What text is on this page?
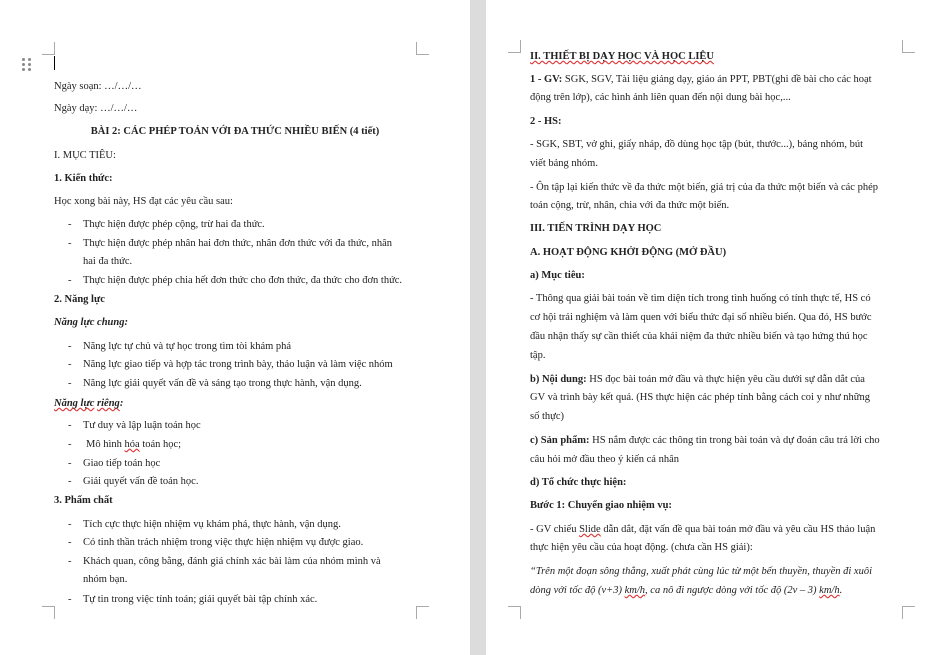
Ngày soạn: …/…/…
Ngày dạy: …/…/…
BÀI 2: CÁC PHÉP TOÁN VỚI ĐA THỨC NHIỀU BIẾN (4 tiết)
I. MỤC TIÊU:
1. Kiến thức:
Học xong bài này, HS đạt các yêu cầu sau:
- Thực hiện được phép cộng, trừ hai đa thức.
- Thực hiện được phép nhân hai đơn thức, nhân đơn thức với đa thức, nhân
hai đa thức.
- Thực hiện được phép chia hết đơn thức cho đơn thức, đa thức cho đơn thức.
2. Năng lực
Năng lực chung:
- Năng lực tự chủ và tự học trong tìm tòi khám phá
- Năng lực giao tiếp và hợp tác trong trình bày, thảo luận và làm việc nhóm
- Năng lực giải quyết vấn đề và sáng tạo trong thực hành, vận dụng.
Năng lực riêng:
- Tư duy và lập luận toán học
- Mô hình hóa toán học;
- Giao tiếp toán học
- Giải quyết vấn đề toán học.
3. Phẩm chất
- Tích cực thực hiện nhiệm vụ khám phá, thực hành, vận dụng.
- Có tinh thần trách nhiệm trong việc thực hiện nhiệm vụ được giao.
- Khách quan, công bằng, đánh giá chính xác bài làm của nhóm mình và
nhóm bạn.
- Tự tin trong việc tính toán; giải quyết bài tập chính xác.
II. THIẾT BỊ DẠY HỌC VÀ HỌC LIỆU
1 - GV: SGK, SGV, Tài liệu giảng dạy, giáo án PPT, PBT(ghi đề bài cho các hoạt
động trên lớp), các hình ảnh liên quan đến nội dung bài học,...
2 - HS:
- SGK, SBT, vở ghi, giấy nháp, đồ dùng học tập (bút, thước...), bảng nhóm, bút
viết bảng nhóm.
- Ôn tập lại kiến thức về đa thức một biến, giá trị của đa thức một biến và các phép
toán cộng, trừ, nhân, chia với đa thức một biến.
III. TIẾN TRÌNH DẠY HỌC
A. HOẠT ĐỘNG KHỞI ĐỘNG (MỞ ĐẦU)
a) Mục tiêu:
- Thông qua giải bài toán về tìm diện tích trong tình huống có tính thực tế, HS có
cơ hội trải nghiệm và làm quen với biểu thức đại số nhiều biến. Qua đó, HS bước
đầu nhận thấy sự cần thiết của khái niệm đa thức nhiều biến và tạo hứng thú học
tập.
b) Nội dung: HS đọc bài toán mở đầu và thực hiện yêu cầu dưới sự dẫn dắt của
GV và trình bày kết quả. (HS thực hiện các phép tính bằng cách coi y như những
số thực)
c) Sản phẩm: HS nắm được các thông tin trong bài toán và dự đoán câu trả lời cho
câu hỏi mở đầu theo ý kiến cá nhân
d) Tổ chức thực hiện:
Bước 1: Chuyển giao nhiệm vụ:
- GV chiếu Slide dẫn dắt, đặt vấn đề qua bài toán mở đầu và yêu cầu HS thảo luận
thực hiện yêu cầu của hoạt động. (chưa cần HS giải):
“Trên một đoạn sông thẳng, xuất phát cùng lúc từ một bến thuyền, thuyền đi xuôi
dòng với tốc độ (v+3) km/h, ca nô đi ngược dòng với tốc độ (2v – 3) km/h.
